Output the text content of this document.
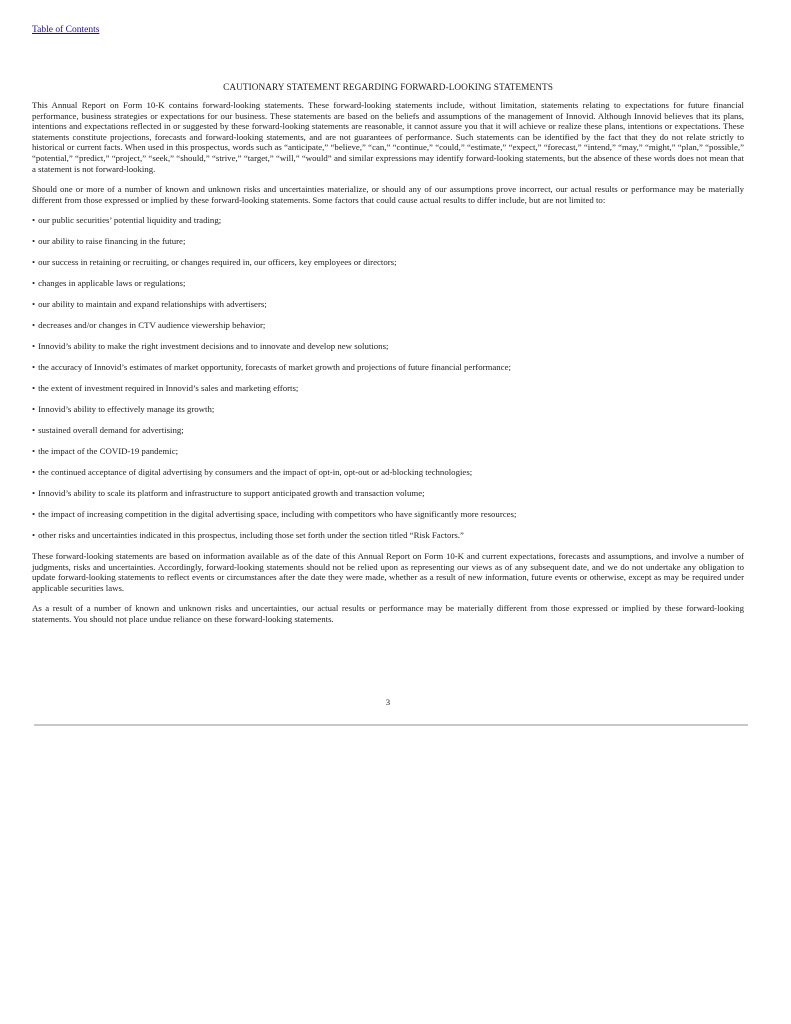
Table of Contents
CAUTIONARY STATEMENT REGARDING FORWARD-LOOKING STATEMENTS

This Annual Report on Form 10-K contains forward-looking statements. These forward-looking statements include, without limitation, statements relating to expectations for future financial performance, business strategies or expectations for our business. These statements are based on the beliefs and assumptions of the management of Innovid. Although Innovid believes that its plans, intentions and expectations reflected in or suggested by these forward-looking statements are reasonable, it cannot assure you that it will achieve or realize these plans, intentions or expectations. These statements constitute projections, forecasts and forward-looking statements, and are not guarantees of performance. Such statements can be identified by the fact that they do not relate strictly to historical or current facts. When used in this prospectus, words such as “anticipate,” “believe,” “can,” “continue,” “could,” “estimate,” “expect,” “forecast,” “intend,” “may,” “might,” “plan,” “possible,” “potential,” “predict,” “project,” “seek,” “should,” “strive,” “target,” “will,” “would” and similar expressions may identify forward-looking statements, but the absence of these words does not mean that a statement is not forward-looking.

Should one or more of a number of known and unknown risks and uncertainties materialize, or should any of our assumptions prove incorrect, our actual results or performance may be materially different from those expressed or implied by these forward-looking statements. Some factors that could cause actual results to differ include, but are not limited to:

• our public securities’ potential liquidity and trading;
• our ability to raise financing in the future;
• our success in retaining or recruiting, or changes required in, our officers, key employees or directors;
• changes in applicable laws or regulations;
• our ability to maintain and expand relationships with advertisers;
• decreases and/or changes in CTV audience viewership behavior;
• Innovid’s ability to make the right investment decisions and to innovate and develop new solutions;
• the accuracy of Innovid’s estimates of market opportunity, forecasts of market growth and projections of future financial performance;
• the extent of investment required in Innovid’s sales and marketing efforts;
• Innovid’s ability to effectively manage its growth;
• sustained overall demand for advertising;
• the impact of the COVID-19 pandemic;
• the continued acceptance of digital advertising by consumers and the impact of opt-in, opt-out or ad-blocking technologies;
• Innovid’s ability to scale its platform and infrastructure to support anticipated growth and transaction volume;
• the impact of increasing competition in the digital advertising space, including with competitors who have significantly more resources;
• other risks and uncertainties indicated in this prospectus, including those set forth under the section titled “Risk Factors.”

These forward-looking statements are based on information available as of the date of this Annual Report on Form 10-K and current expectations, forecasts and assumptions, and involve a number of judgments, risks and uncertainties. Accordingly, forward-looking statements should not be relied upon as representing our views as of any subsequent date, and we do not undertake any obligation to update forward-looking statements to reflect events or circumstances after the date they were made, whether as a result of new information, future events or otherwise, except as may be required under applicable securities laws.

As a result of a number of known and unknown risks and uncertainties, our actual results or performance may be materially different from those expressed or implied by these forward-looking statements. You should not place undue reliance on these forward-looking statements.

3
